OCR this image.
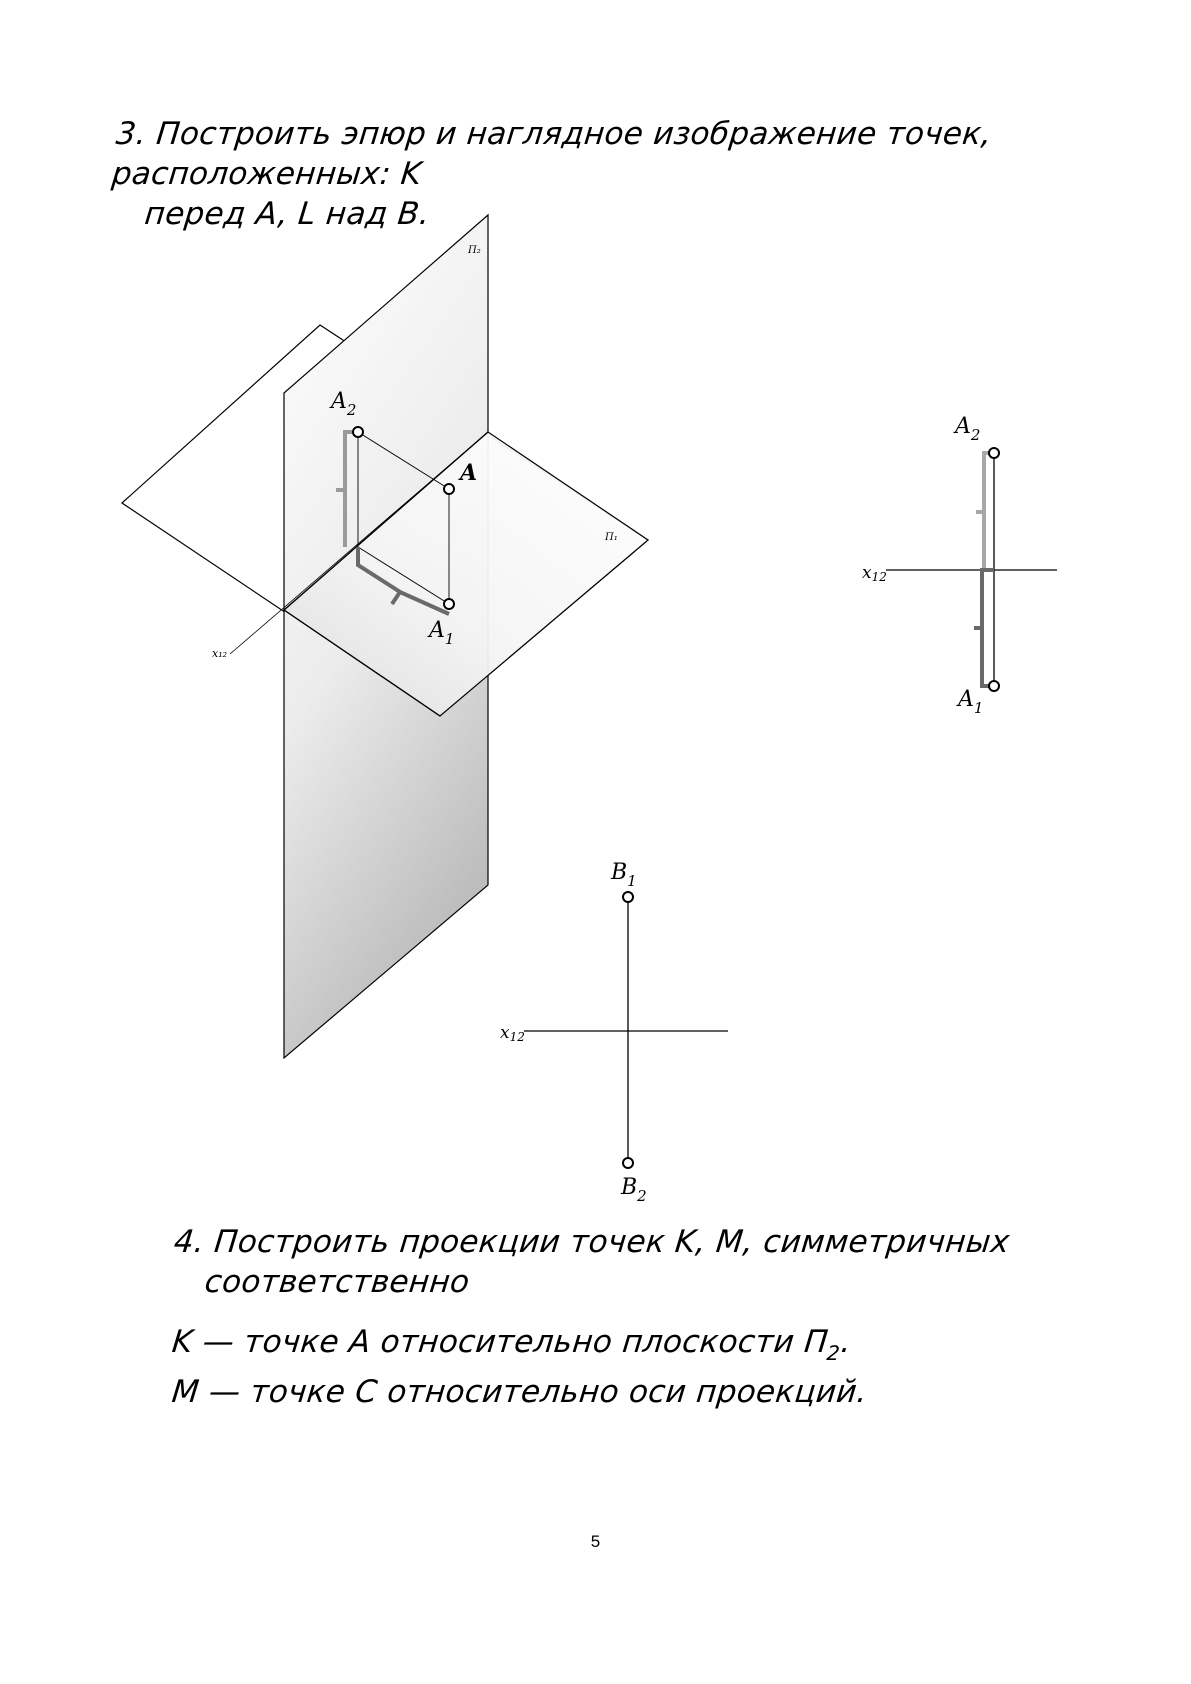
3. Построить эпюр и наглядное изображение точек, расположенных: K
перед A, L над B.

П₂
П₁
x₁₂
$A_2$
A
$A_1$
x12
$A_2$
$A_1$
x12
$B_1$
$B_2$

4. Построить проекции точек K, M, симметричных
соответственно

K — точке A относительно плоскости $П_2$.

M — точке C относительно оси проекций.

5
